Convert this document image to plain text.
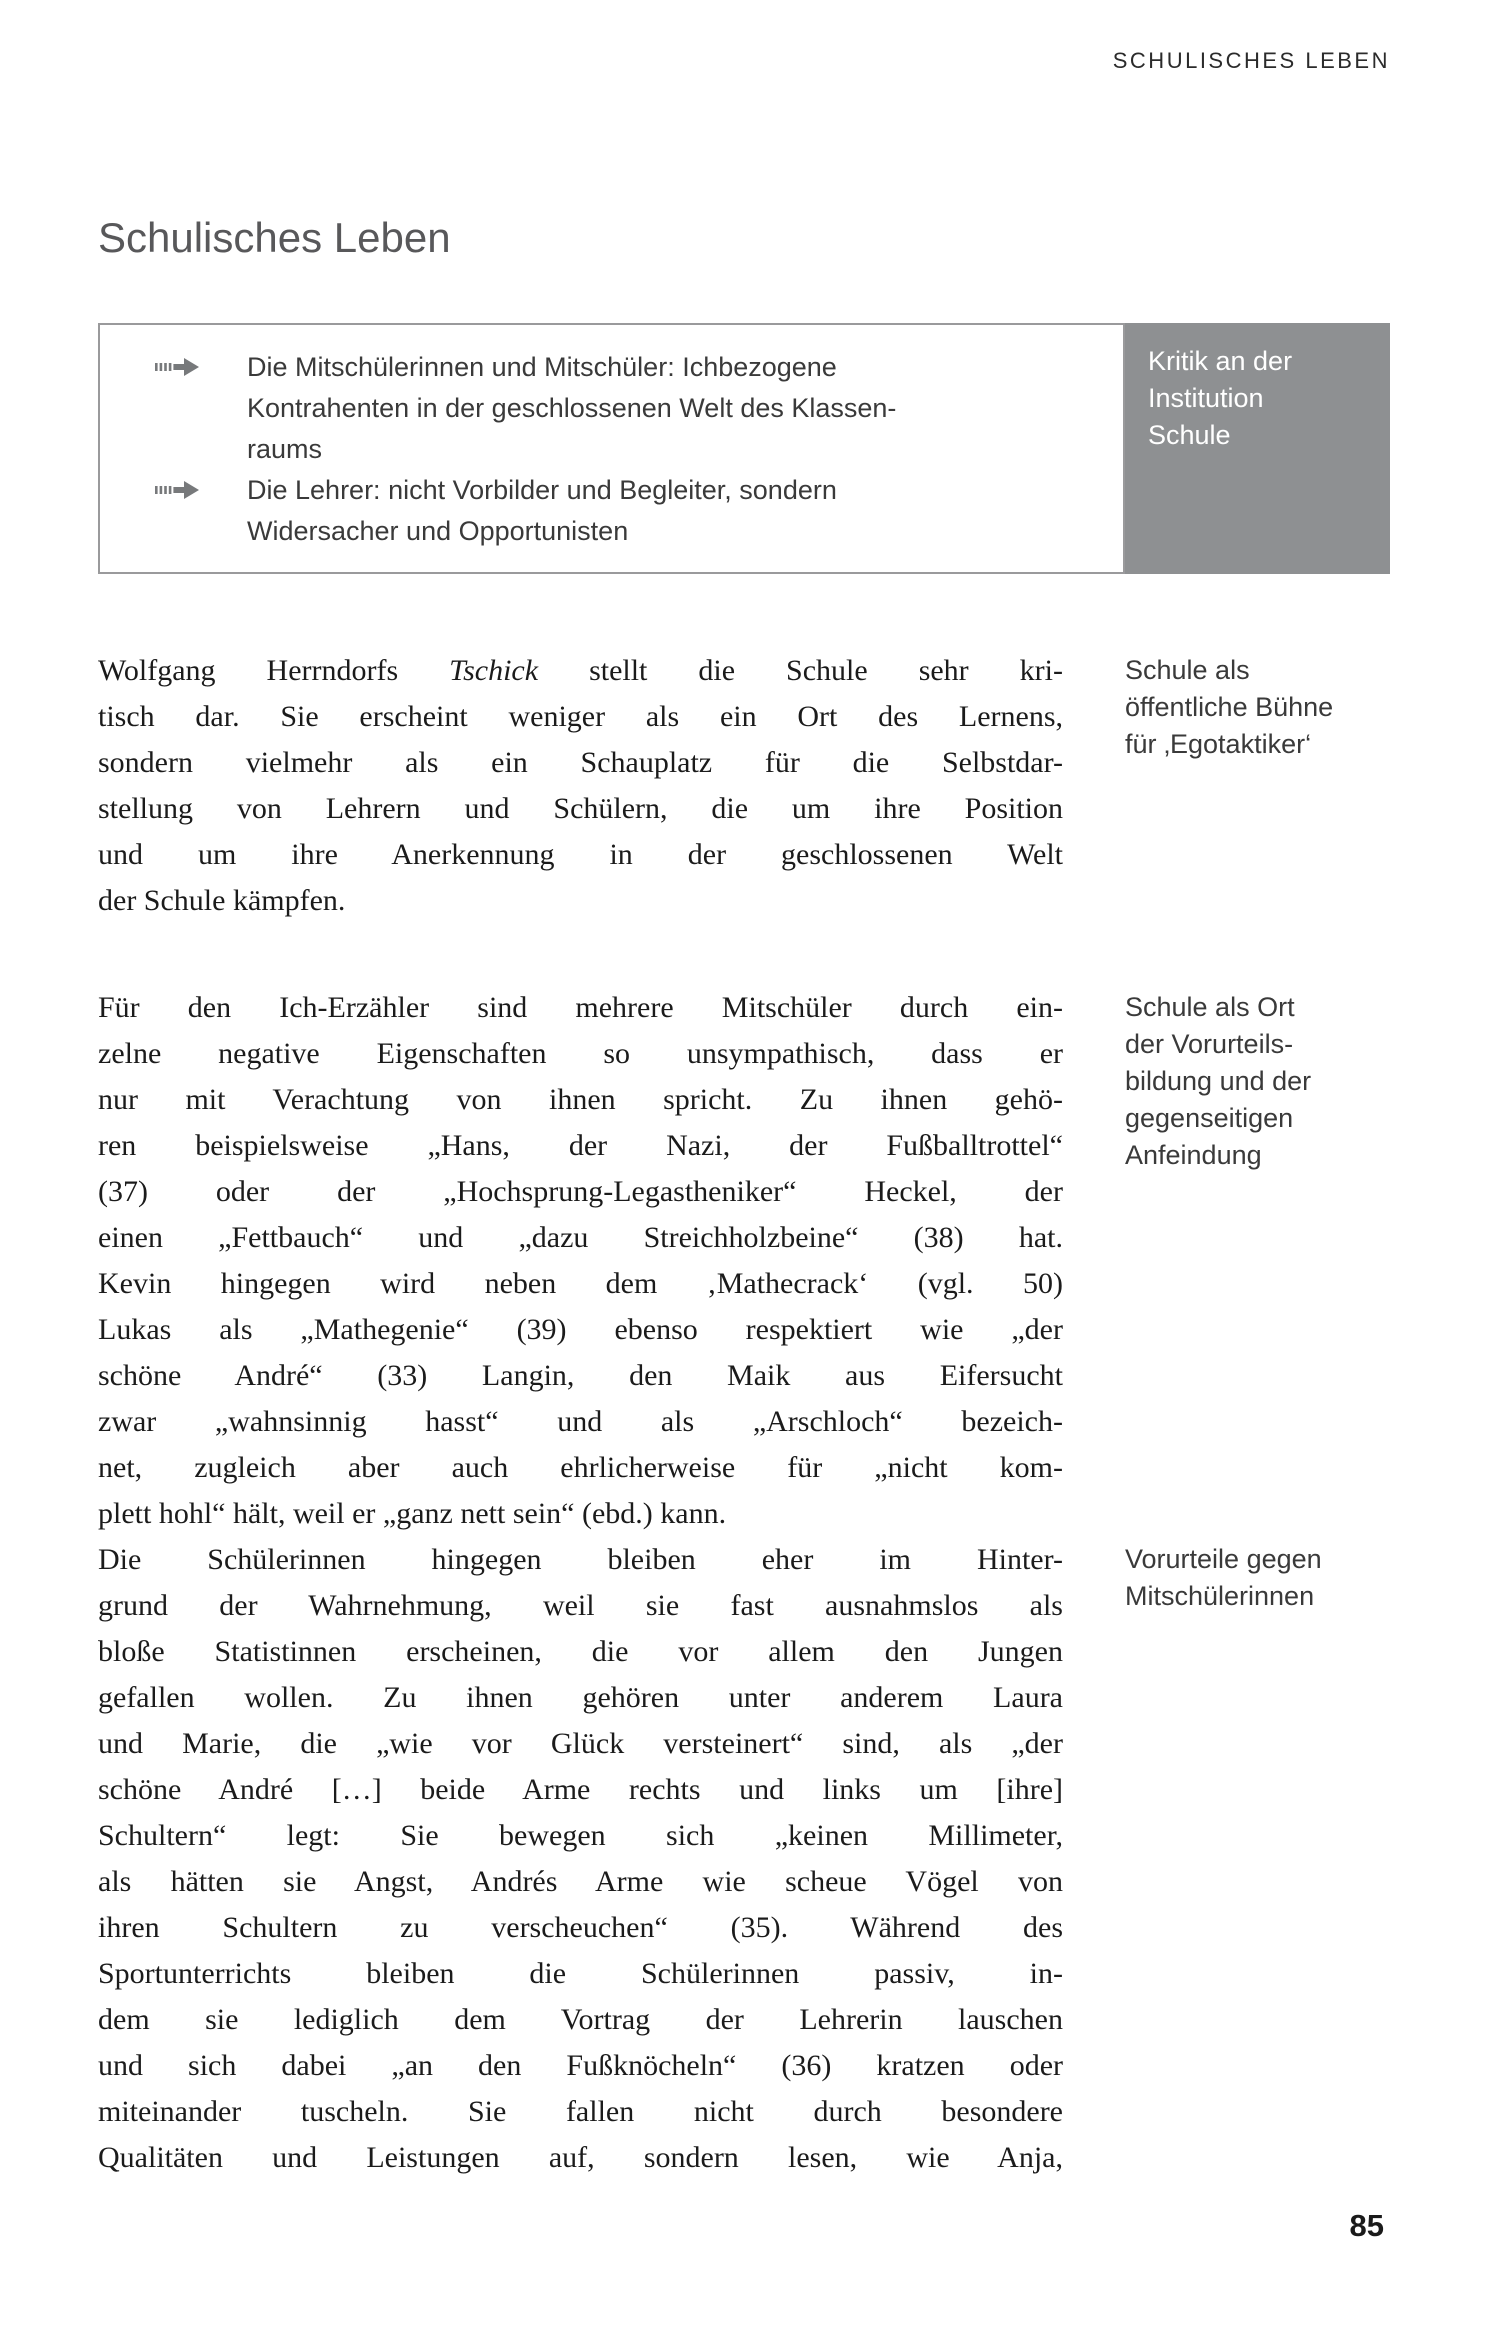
SCHULISCHES LEBEN
Schulisches Leben
Die Mitschülerinnen und Mitschüler: Ichbezogene
Kontrahenten in der geschlossenen Welt des Klassen-
raums
Die Lehrer: nicht Vorbilder und Begleiter, sondern
Widersacher und Opportunisten
Kritik an der
Institution
Schule
Wolfgang Herrndorfs Tschick stellt die Schule sehr kri-
tisch dar. Sie erscheint weniger als ein Ort des Lernens,
sondern vielmehr als ein Schauplatz für die Selbstdar-
stellung von Lehrern und Schülern, die um ihre Position
und um ihre Anerkennung in der geschlossenen Welt
der Schule kämpfen.
Schule als
öffentliche Bühne
für ‚Egotaktiker‘
Für den Ich-Erzähler sind mehrere Mitschüler durch ein-
zelne negative Eigenschaften so unsympathisch, dass er
nur mit Verachtung von ihnen spricht. Zu ihnen gehö-
ren beispielsweise „Hans, der Nazi, der Fußballtrottel“
(37) oder der „Hochsprung-Legastheniker“ Heckel, der
einen „Fettbauch“ und „dazu Streichholzbeine“ (38) hat.
Kevin hingegen wird neben dem ‚Mathecrack‘ (vgl. 50)
Lukas als „Mathegenie“ (39) ebenso respektiert wie „der
schöne André“ (33) Langin, den Maik aus Eifersucht
zwar „wahnsinnig hasst“ und als „Arschloch“ bezeich-
net, zugleich aber auch ehrlicherweise für „nicht kom-
plett hohl“ hält, weil er „ganz nett sein“ (ebd.) kann.
Schule als Ort
der Vorurteils-
bildung und der
gegenseitigen
Anfeindung
Die Schülerinnen hingegen bleiben eher im Hinter-
grund der Wahrnehmung, weil sie fast ausnahmslos als
bloße Statistinnen erscheinen, die vor allem den Jungen
gefallen wollen. Zu ihnen gehören unter anderem Laura
und Marie, die „wie vor Glück versteinert“ sind, als „der
schöne André […] beide Arme rechts und links um [ihre]
Schultern“ legt: Sie bewegen sich „keinen Millimeter,
als hätten sie Angst, Andrés Arme wie scheue Vögel von
ihren Schultern zu verscheuchen“ (35). Während des
Sportunterrichts bleiben die Schülerinnen passiv, in-
dem sie lediglich dem Vortrag der Lehrerin lauschen
und sich dabei „an den Fußknöcheln“ (36) kratzen oder
miteinander tuscheln. Sie fallen nicht durch besondere
Qualitäten und Leistungen auf, sondern lesen, wie Anja,
Vorurteile gegen
Mitschülerinnen
85
